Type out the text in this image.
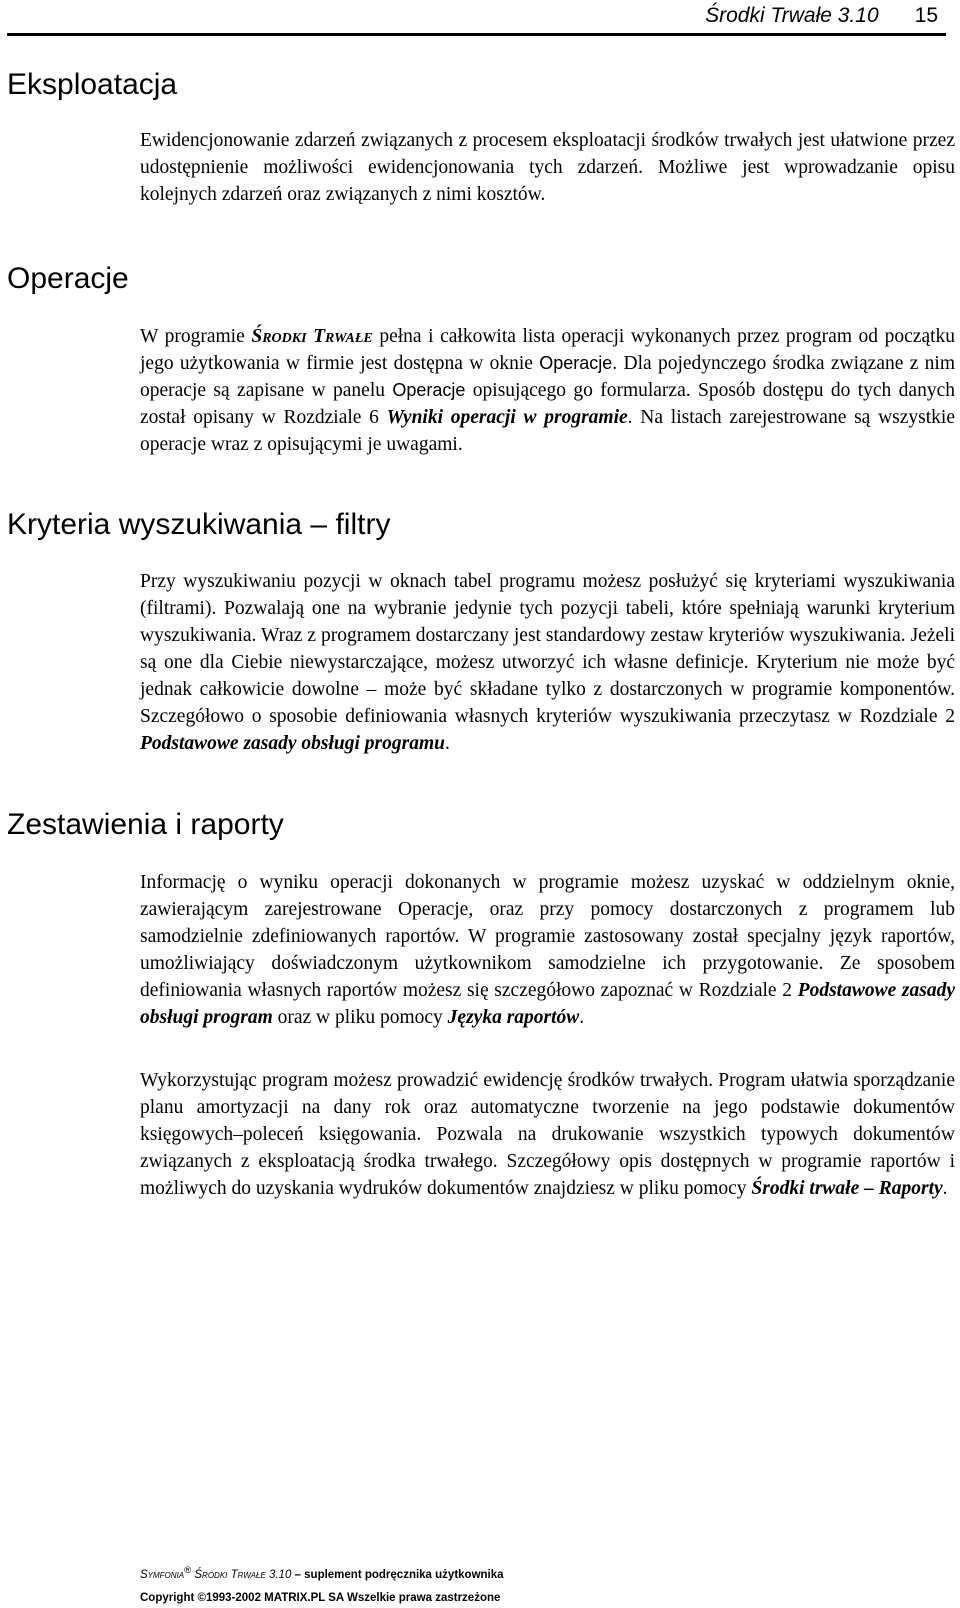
Środki Trwałe 3.10 15
Eksploatacja

Ewidencjonowanie zdarzeń związanych z procesem eksploatacji środków trwałych jest ułatwione przez udostępnienie możliwości ewidencjonowania tych zdarzeń. Możliwe jest wprowadzanie opisu kolejnych zdarzeń oraz związanych z nimi kosztów.

Operacje

W programie Środki Trwałe pełna i całkowita lista operacji wykonanych przez program od początku jego użytkowania w firmie jest dostępna w oknie Operacje. Dla pojedynczego środka związane z nim operacje są zapisane w panelu Operacje opisującego go formularza. Sposób dostępu do tych danych został opisany w Rozdziale 6 Wyniki operacji w programie. Na listach zarejestrowane są wszystkie operacje wraz z opisującymi je uwagami.

Kryteria wyszukiwania – filtry

Przy wyszukiwaniu pozycji w oknach tabel programu możesz posłużyć się kryteriami wyszukiwania (filtrami). Pozwalają one na wybranie jedynie tych pozycji tabeli, które spełniają warunki kryterium wyszukiwania. Wraz z programem dostarczany jest standardowy zestaw kryteriów wyszukiwania. Jeżeli są one dla Ciebie niewystarczające, możesz utworzyć ich własne definicje. Kryterium nie może być jednak całkowicie dowolne – może być składane tylko z dostarczonych w programie komponentów. Szczegółowo o sposobie definiowania własnych kryteriów wyszukiwania przeczytasz w Rozdziale 2 Podstawowe zasady obsługi programu.

Zestawienia i raporty

Informację o wyniku operacji dokonanych w programie możesz uzyskać w oddzielnym oknie, zawierającym zarejestrowane Operacje, oraz przy pomocy dostarczonych z programem lub samodzielnie zdefiniowanych raportów. W programie zastosowany został specjalny język raportów, umożliwiający doświadczonym użytkownikom samodzielne ich przygotowanie. Ze sposobem definiowania własnych raportów możesz się szczegółowo zapoznać w Rozdziale 2 Podstawowe zasady obsługi program oraz w pliku pomocy Języka raportów.

Wykorzystując program możesz prowadzić ewidencję środków trwałych. Program ułatwia sporządzanie planu amortyzacji na dany rok oraz automatyczne tworzenie na jego podstawie dokumentów księgowych–poleceń księgowania. Pozwala na drukowanie wszystkich typowych dokumentów związanych z eksploatacją środka trwałego. Szczegółowy opis dostępnych w programie raportów i możliwych do uzyskania wydruków dokumentów znajdziesz w pliku pomocy Środki trwałe – Raporty.

Symfonia® Środki Trwałe 3.10 – suplement podręcznika użytkownika
Copyright ©1993-2002 MATRIX.PL SA Wszelkie prawa zastrzeżone
